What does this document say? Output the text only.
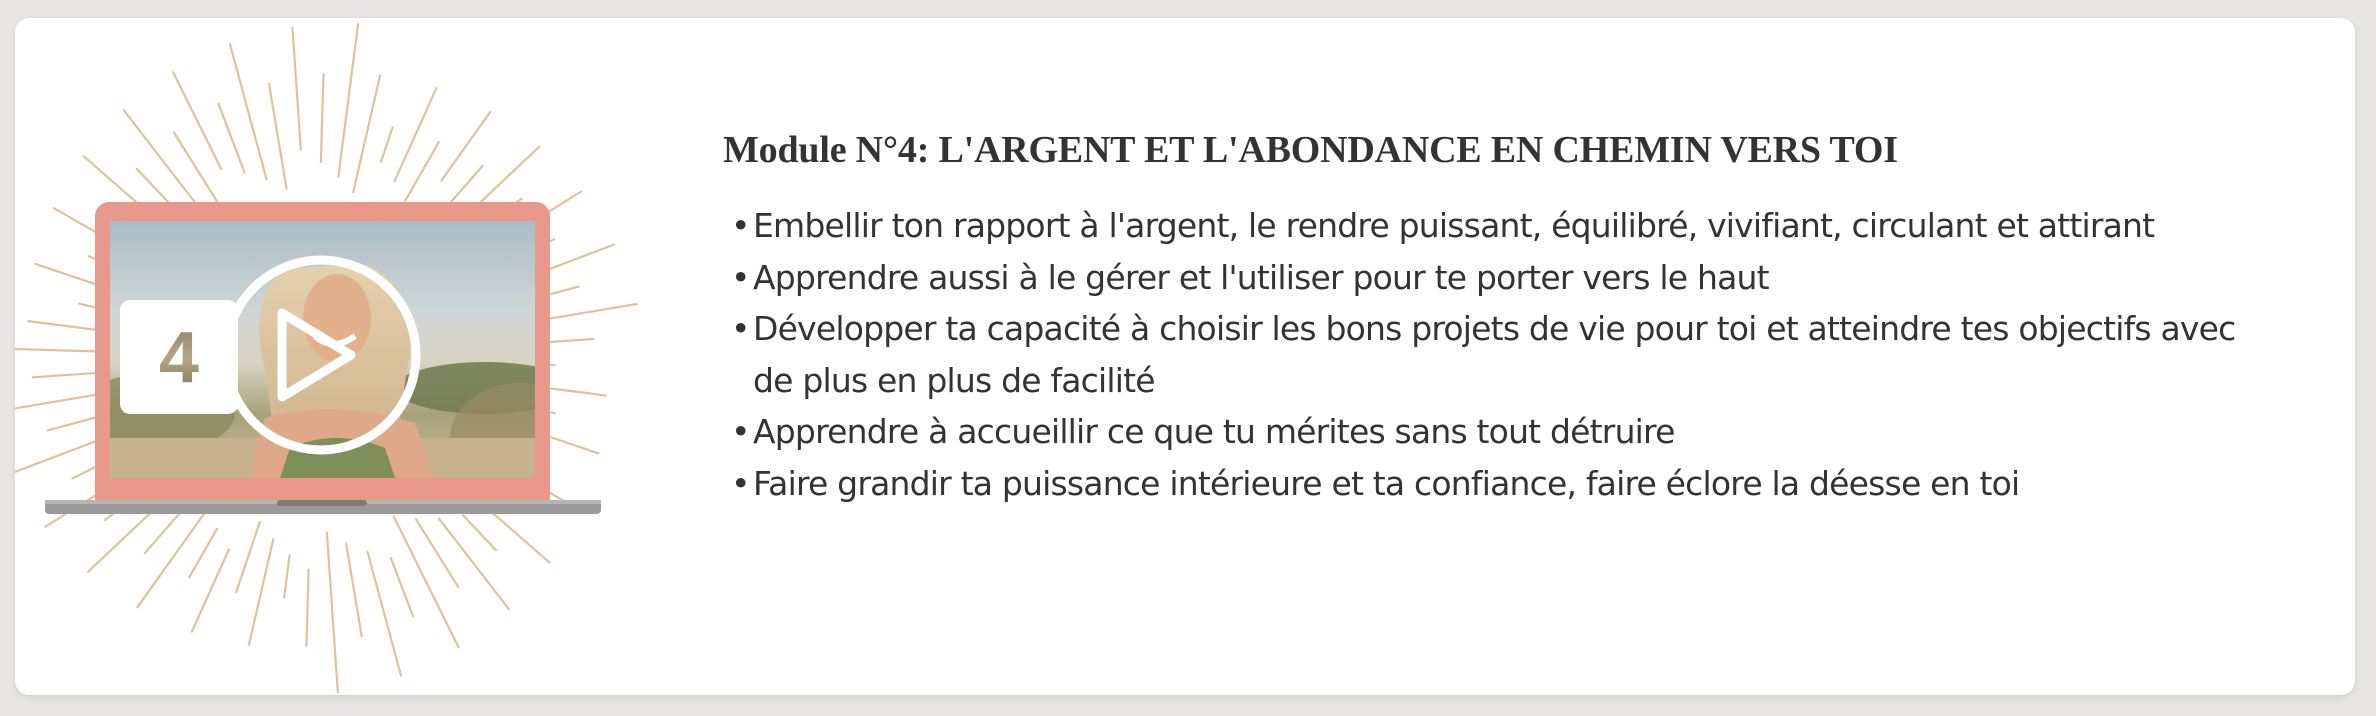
4
Module N°4: L'ARGENT ET L'ABONDANCE EN CHEMIN VERS TOI
• Embellir ton rapport à l'argent, le rendre puissant, équilibré, vivifiant, circulant et attirant
• Apprendre aussi à le gérer et l'utiliser pour te porter vers le haut
• Développer ta capacité à choisir les bons projets de vie pour toi et atteindre tes objectifs avec de plus en plus de facilité
• Apprendre à accueillir ce que tu mérites sans tout détruire
• Faire grandir ta puissance intérieure et ta confiance, faire éclore la déesse en toi
